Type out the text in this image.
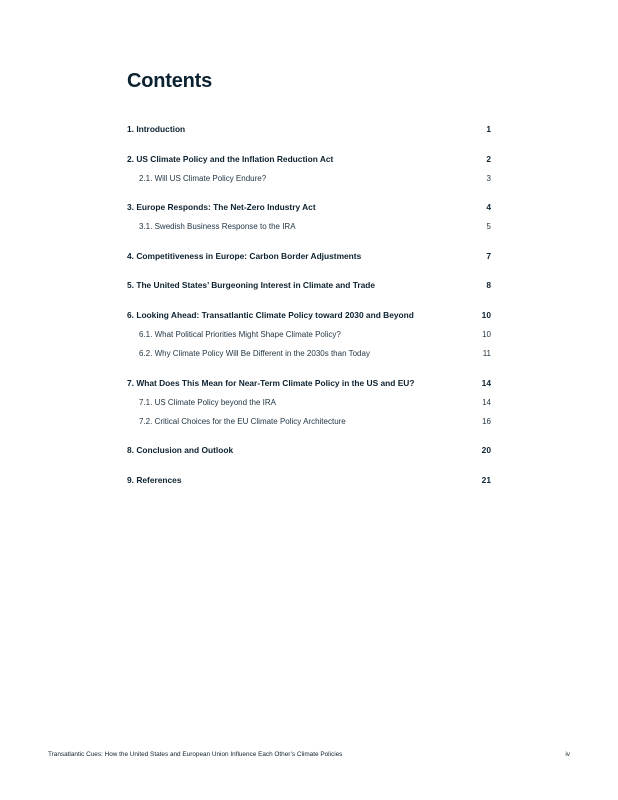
Contents
1. Introduction	1
2. US Climate Policy and the Inflation Reduction Act	2
2.1. Will US Climate Policy Endure?	3
3. Europe Responds: The Net-Zero Industry Act	4
3.1. Swedish Business Response to the IRA	5
4. Competitiveness in Europe: Carbon Border Adjustments	7
5. The United States’ Burgeoning Interest in Climate and Trade	8
6. Looking Ahead: Transatlantic Climate Policy toward 2030 and Beyond	10
6.1. What Political Priorities Might Shape Climate Policy?	10
6.2. Why Climate Policy Will Be Different in the 2030s than Today	11
7. What Does This Mean for Near-Term Climate Policy in the US and EU?	14
7.1. US Climate Policy beyond the IRA	14
7.2. Critical Choices for the EU Climate Policy Architecture	16
8. Conclusion and Outlook	20
9. References	21
Transatlantic Cues: How the United States and European Union Influence Each Other’s Climate Policies	iv
